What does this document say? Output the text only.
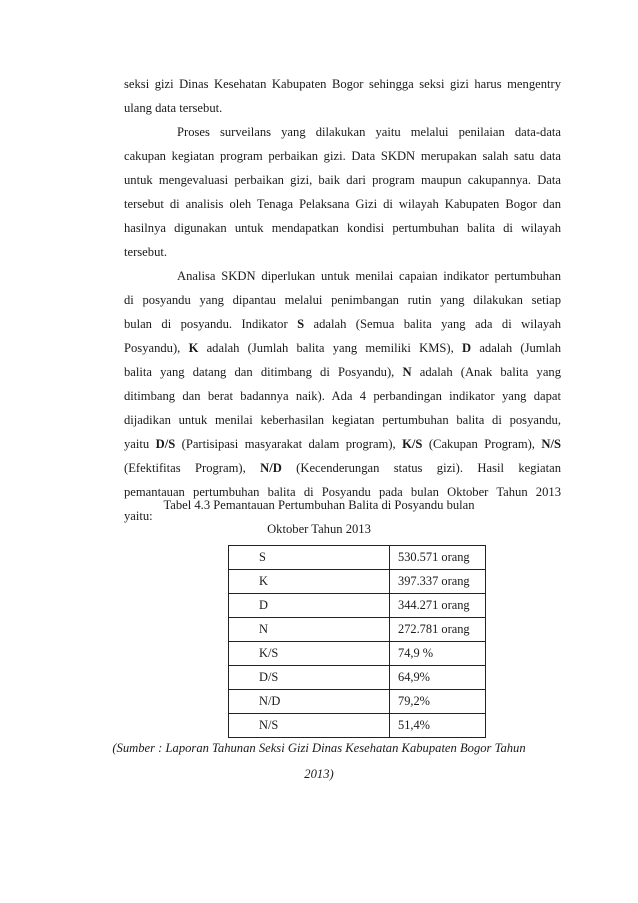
seksi gizi Dinas Kesehatan Kabupaten Bogor sehingga seksi gizi harus mengentry
ulang data tersebut.
Proses surveilans yang dilakukan yaitu melalui penilaian data-data
cakupan kegiatan program perbaikan gizi. Data SKDN merupakan salah satu data
untuk mengevaluasi perbaikan gizi, baik dari program maupun cakupannya. Data
tersebut di analisis oleh Tenaga Pelaksana Gizi di wilayah Kabupaten Bogor dan
hasilnya digunakan untuk mendapatkan kondisi pertumbuhan balita di wilayah
tersebut.
Analisa SKDN diperlukan untuk menilai capaian indikator pertumbuhan
di posyandu yang dipantau melalui penimbangan rutin yang dilakukan setiap
bulan di posyandu. Indikator S adalah (Semua balita yang ada di wilayah
Posyandu), K adalah (Jumlah balita yang memiliki KMS), D adalah (Jumlah
balita yang datang dan ditimbang di Posyandu), N adalah (Anak balita yang
ditimbang dan berat badannya naik). Ada 4 perbandingan indikator yang dapat
dijadikan untuk menilai keberhasilan kegiatan pertumbuhan balita di posyandu,
yaitu D/S (Partisipasi masyarakat dalam program), K/S (Cakupan Program), N/S
(Efektifitas Program), N/D (Kecenderungan status gizi). Hasil kegiatan
pemantauan pertumbuhan balita di Posyandu pada bulan Oktober Tahun 2013
yaitu:
Tabel 4.3 Pemantauan Pertumbuhan Balita di Posyandu bulan
Oktober Tahun 2013
S	530.571 orang
K	397.337 orang
D	344.271 orang
N	272.781 orang
K/S	74,9 %
D/S	64,9%
N/D	79,2%
N/S	51,4%
(Sumber : Laporan Tahunan Seksi Gizi Dinas Kesehatan Kabupaten Bogor Tahun
2013)
